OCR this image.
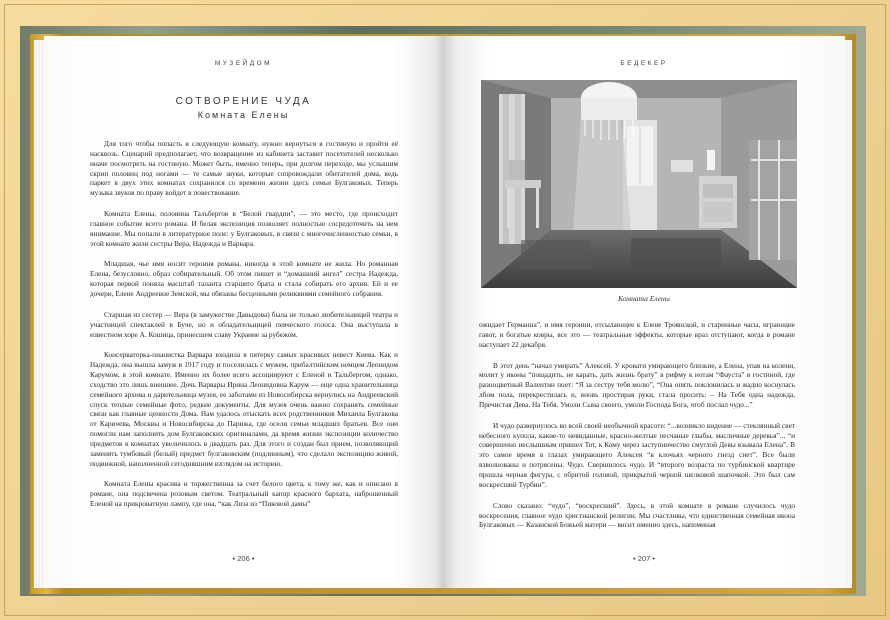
МУЗЕЙДОМ
СОТВОРЕНИЕ ЧУДА
Комната Елены

Для того чтобы попасть в следующую комнату, нужно вернуться в гостиную и пройти её насквозь. Сценарий предполагает, что возвращение из кабинета заставит посетителей несколько иначе посмотреть на гостиную. Может быть, именно теперь, при долгом переходе, мы услышим скрип половиц под ногами — те самые звуки, которые сопровождали обитателей дома, ведь паркет в двух этих комнатах сохранился со времени жизни здесь семьи Булгаковых. Теперь музыка звуков по праву войдет в повествование.

Комната Елены, половина Тальбергов в “Белой гвардии”, — это место, где происходит главное событие всего романа. И белая экспозиция позволяет полностью сосредоточить на нем внимание. Мы попали в литературное поле: у Булгаковых, в связи с многочисленностью семьи, в этой комнате жили сестры Вера, Надежда и Варвара.

Младшая, чье имя носит героиня романа, никогда в этой комнате не жила. Но романная Елена, безусловно, образ собирательный. Об этом пишет и “домашний ангел” сестра Надежда, которая первой поняла масштаб таланта старшего брата и стала собирать его архив. Ей и ее дочери, Елене Андреевне Земской, мы обязаны бесценными реликвиями семейного собрания.

Старшая из сестер — Вера (в замужестве Давыдова) была не только любительницей театра и участницей спектаклей в Буче, но и обладательницей певческого голоса. Она выступала в известном хоре А. Кошица, принесшем славу Украине за рубежом.

Консерваторка-пианистка Варвара входила в пятерку самых красивых невест Киева. Как и Надежда, она вышла замуж в 1917 году и поселилась с мужем, прибалтийским немцем Леонидом Карумом, в этой комнате. Именно их более всего ассоциируют с Еленой и Тальбергом, однако, сходство это лишь внешнее. Дочь Варвары Ирина Леонидовна Карум — еще одна хранительница семейного архива и дарительница музея, ее заботами из Новосибирска вернулись на Андреевский спуск теплые семейные фото, редкие документы. Для музея очень важно сохранять семейные связи как главные ценности Дома. Нам удалось отыскать всех родственников Михаила Булгакова от Каричева, Москвы и Новосибирска до Парижа, где осели семьи младших братьев. Все они помогли нам заполнить дом Булгаковских оригиналами, да время жизни экспозиции количество предметов в комнатах увеличилось в двадцать раз. Для этого и создан был прием, позволяющий заменять тумбовый (белый) предмет булгаковским (подлинным), что сделало экспозицию живой, подвижной, наполненной сегодняшним взглядом на историю.

Комната Елены красива и торжественна за счет белого цвета, к тому же, как и описано в романе, она подсвечена розовым светом. Театральный капор красного бархата, наброшенный Еленой на прикроватную лампу, где она, “как Лиза из “Пиковой дамы”

• 206 •
БЕДЕКЕР
Комната Елены

ожидает Германна”, и имя героини, отсылающее к Елене Троянской, и старинные часы, играющие гавот, и богатые ковры, все это — театральные эффекты, которые враз отступают, когда в романе наступает 22 декабря.

В этот день “начал умирать” Алексей. У кровати умирающего близкие, а Елена, упав на колени, молит у иконы “пощадить, не карать, дать жизнь брату” в рифму к нотам “Фауста” в гостиной, где разноцветный Валентин поет: “Я за сестру тебя молю”, “Она опять поклонилась и жадно коснулась лбом пола, перекрестилась и, вновь простирая руки, стала просить: – На Тебя одна надежда, Пречистая Дева. На Тебя. Умоли Сына своего, умоли Господа Бога, чтоб послал чудо...”

И чудо развернулось во всей своей необычной красоте: “...возникло видение — стеклянный свет небесного купола, какие-то невиданные, красно-желтые песчаные глыбы, масличные деревья”.., “и совершенно неслышным пришел Тот, к Кому через заступничество смуглой Девы взывала Елена”. В это самое время в глазах умирающего Алексея “в клочьях черного гнезд сиет”. Все были взволнованы и потрясены. Чудо. Свершилось чудо. И “второго возраста по турбинской квартире прошла черная фигура, с обритой головой, прикрытой черной шелковой шапочкой. Это был сам воскресший Турбин”.

Слово сказано: “чудо”, “воскресший”. Здесь, в этой комнате в романе случилось чудо воскресения, главное чудо христианской религии. Мы счастливы, что единственная семейная икона Булгаковых — Казанской Божьей матери — висит именно здесь, напоминая

• 207 •
